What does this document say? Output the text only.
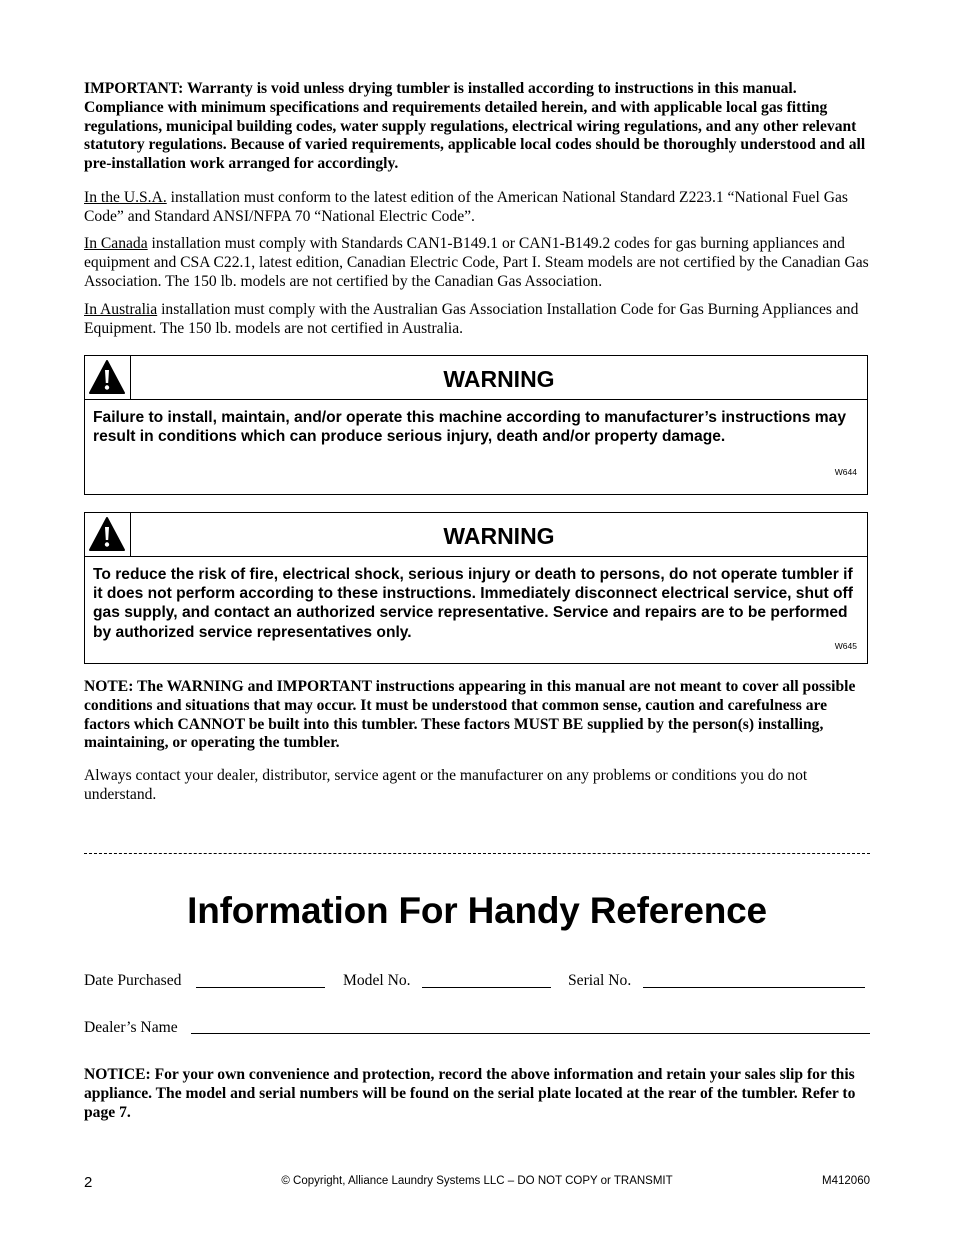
IMPORTANT: Warranty is void unless drying tumbler is installed according to instructions in this manual. Compliance with minimum specifications and requirements detailed herein, and with applicable local gas fitting regulations, municipal building codes, water supply regulations, electrical wiring regulations, and any other relevant statutory regulations. Because of varied requirements, applicable local codes should be thoroughly understood and all pre-installation work arranged for accordingly.
In the U.S.A. installation must conform to the latest edition of the American National Standard Z223.1 “National Fuel Gas Code” and Standard ANSI/NFPA 70 “National Electric Code”.
In Canada installation must comply with Standards CAN1-B149.1 or CAN1-B149.2 codes for gas burning appliances and equipment and CSA C22.1, latest edition, Canadian Electric Code, Part I. Steam models are not certified by the Canadian Gas Association. The 150 lb. models are not certified by the Canadian Gas Association.
In Australia installation must comply with the Australian Gas Association Installation Code for Gas Burning Appliances and Equipment. The 150 lb. models are not certified in Australia.
WARNING
Failure to install, maintain, and/or operate this machine according to manufacturer’s instructions may result in conditions which can produce serious injury, death and/or property damage.
W644
WARNING
To reduce the risk of fire, electrical shock, serious injury or death to persons, do not operate tumbler if it does not perform according to these instructions. Immediately disconnect electrical service, shut off gas supply, and contact an authorized service representative. Service and repairs are to be performed by authorized service representatives only.
W645
NOTE: The WARNING and IMPORTANT instructions appearing in this manual are not meant to cover all possible conditions and situations that may occur. It must be understood that common sense, caution and carefulness are factors which CANNOT be built into this tumbler. These factors MUST BE supplied by the person(s) installing, maintaining, or operating the tumbler.
Always contact your dealer, distributor, service agent or the manufacturer on any problems or conditions you do not understand.
Information For Handy Reference
Date Purchased	Model No.	Serial No.
Dealer’s Name
NOTICE: For your own convenience and protection, record the above information and retain your sales slip for this appliance. The model and serial numbers will be found on the serial plate located at the rear of the tumbler. Refer to page 7.
2	© Copyright, Alliance Laundry Systems LLC – DO NOT COPY or TRANSMIT	M412060
